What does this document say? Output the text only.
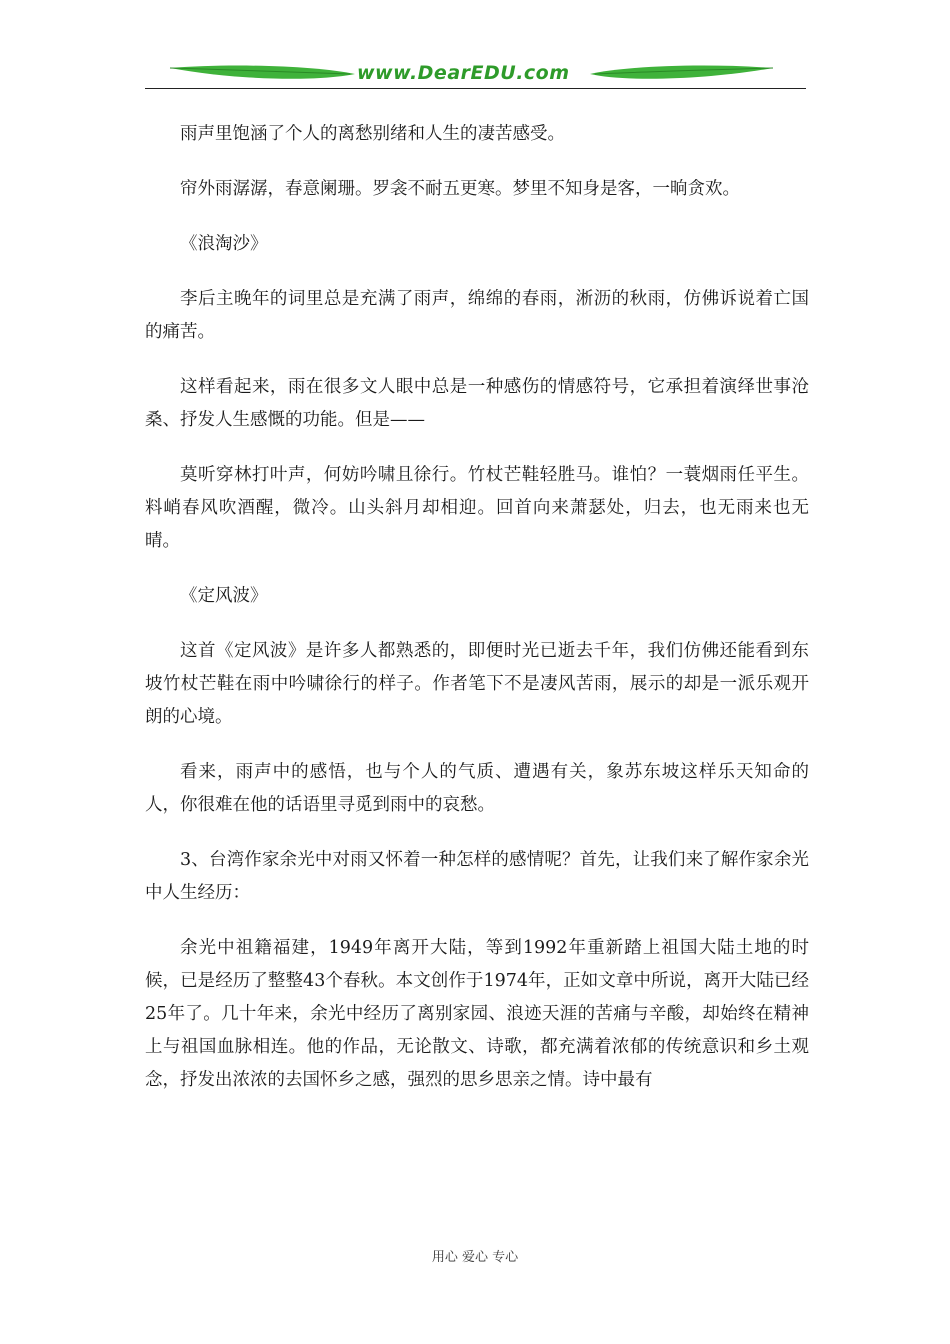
www.DearEDU.com

雨声里饱涵了个人的离愁别绪和人生的凄苦感受。

帘外雨潺潺，春意阑珊。罗衾不耐五更寒。梦里不知身是客，一晌贪欢。

《浪淘沙》

李后主晚年的词里总是充满了雨声，绵绵的春雨，淅沥的秋雨，仿佛诉说着亡国的痛苦。

这样看起来，雨在很多文人眼中总是一种感伤的情感符号，它承担着演绎世事沧桑、抒发人生感慨的功能。但是——

莫听穿林打叶声，何妨吟啸且徐行。竹杖芒鞋轻胜马。谁怕？一蓑烟雨任平生。料峭春风吹酒醒，微冷。山头斜月却相迎。回首向来萧瑟处，归去，也无雨来也无晴。

《定风波》

这首《定风波》是许多人都熟悉的，即便时光已逝去千年，我们仿佛还能看到东坡竹杖芒鞋在雨中吟啸徐行的样子。作者笔下不是凄风苦雨，展示的却是一派乐观开朗的心境。

看来，雨声中的感悟，也与个人的气质、遭遇有关，象苏东坡这样乐天知命的人，你很难在他的话语里寻觅到雨中的哀愁。

3、台湾作家余光中对雨又怀着一种怎样的感情呢？首先，让我们来了解作家余光中人生经历：

余光中祖籍福建，1949年离开大陆，等到1992年重新踏上祖国大陆土地的时候，已是经历了整整43个春秋。本文创作于1974年，正如文章中所说，离开大陆已经25年了。几十年来，余光中经历了离别家园、浪迹天涯的苦痛与辛酸，却始终在精神上与祖国血脉相连。他的作品，无论散文、诗歌，都充满着浓郁的传统意识和乡土观念，抒发出浓浓的去国怀乡之感，强烈的思乡思亲之情。诗中最有

用心 爱心 专心
